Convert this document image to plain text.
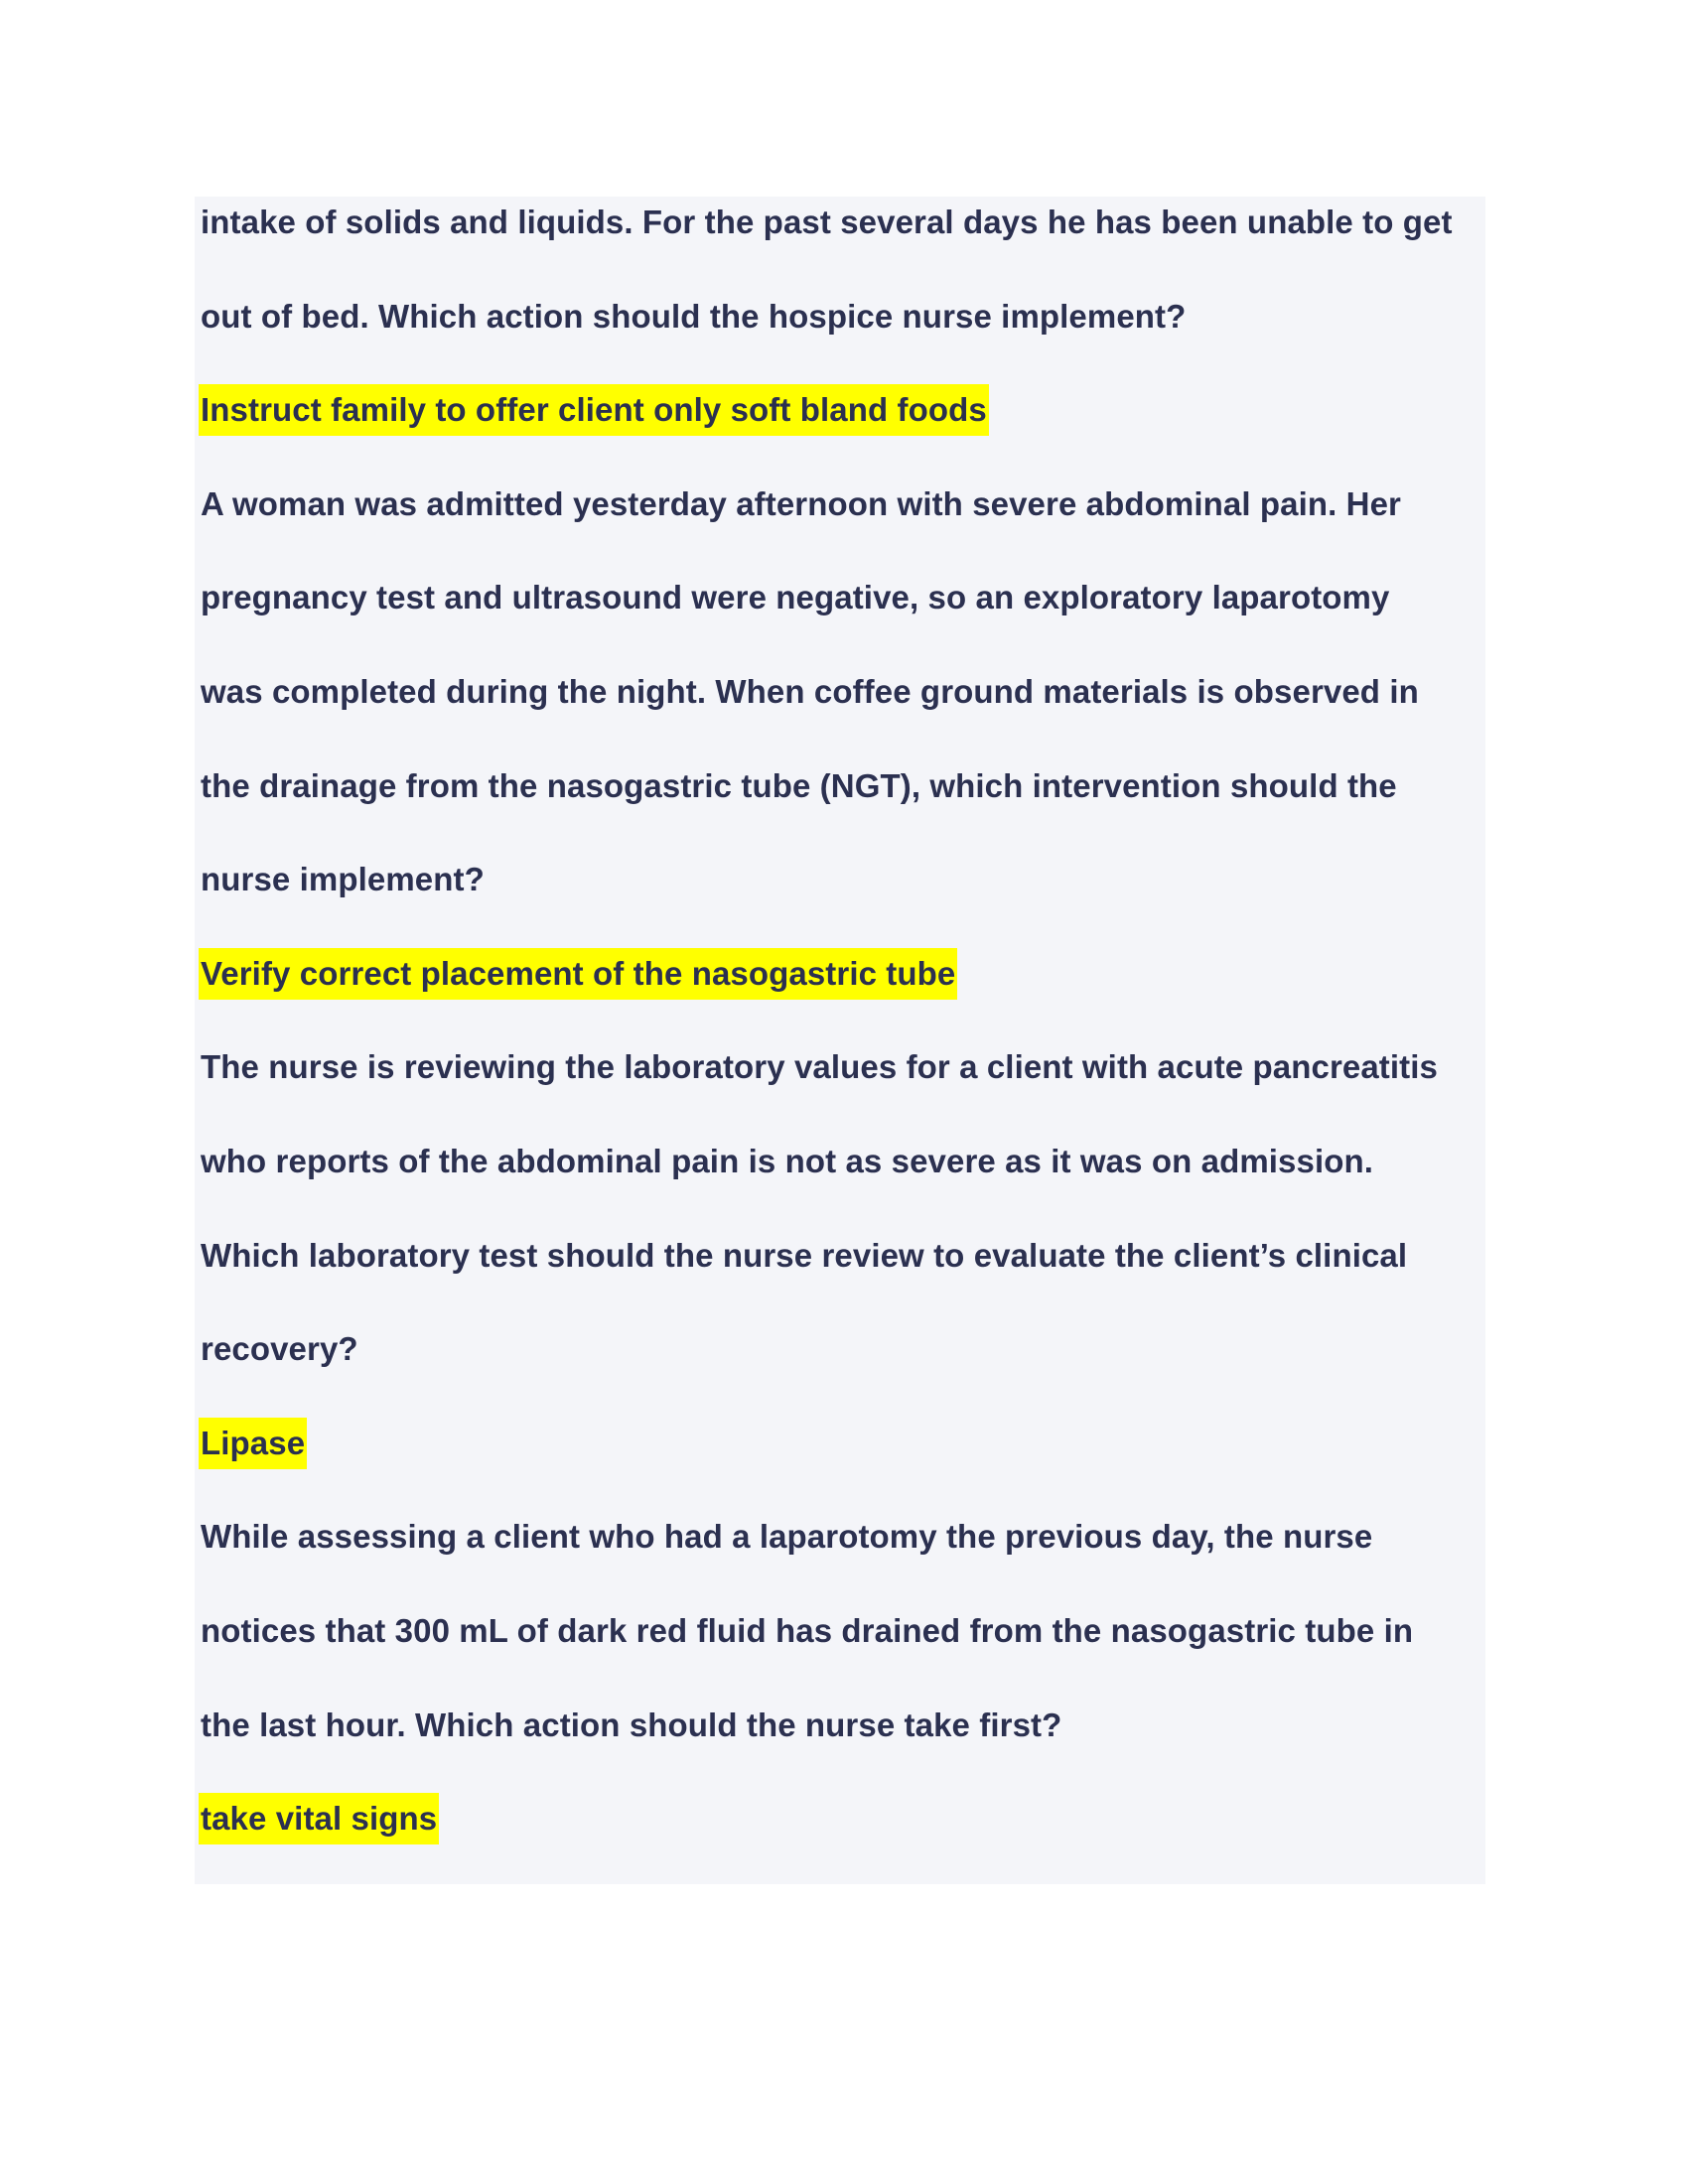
intake of solids and liquids. For the past several days he has been unable to get
out of bed. Which action should the hospice nurse implement?
Instruct family to offer client only soft bland foods
A woman was admitted yesterday afternoon with severe abdominal pain. Her
pregnancy test and ultrasound were negative, so an exploratory laparotomy
was completed during the night. When coffee ground materials is observed in
the drainage from the nasogastric tube (NGT), which intervention should the
nurse implement?
Verify correct placement of the nasogastric tube
The nurse is reviewing the laboratory values for a client with acute pancreatitis
who reports of the abdominal pain is not as severe as it was on admission.
Which laboratory test should the nurse review to evaluate the client’s clinical
recovery?
Lipase
While assessing a client who had a laparotomy the previous day, the nurse
notices that 300 mL of dark red fluid has drained from the nasogastric tube in
the last hour. Which action should the nurse take first?
take vital signs
